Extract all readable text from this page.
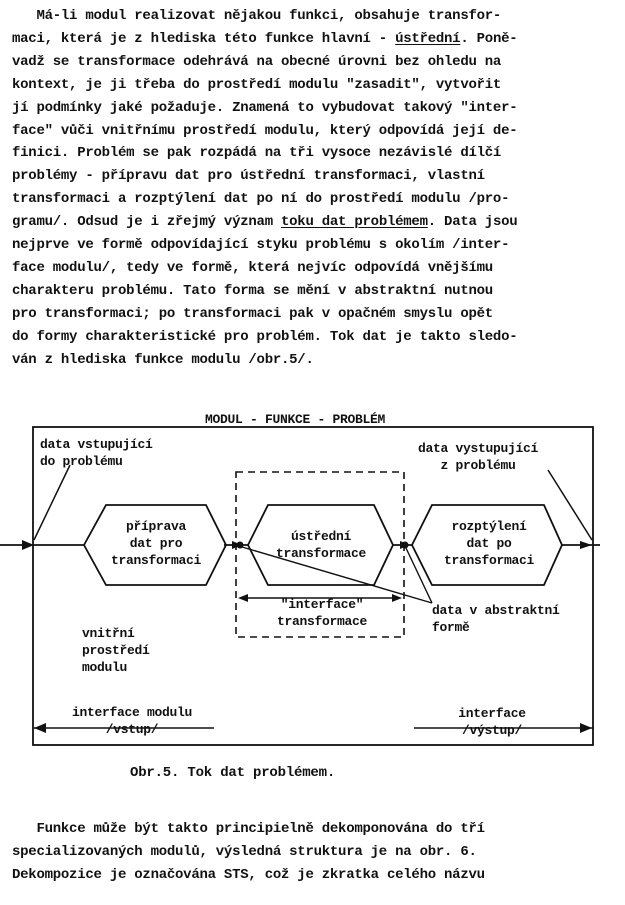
Má-li modul realizovat nějakou funkci, obsahuje transfor-
maci, která je z hlediska této funkce hlavní - ústřední. Poně-
vadž se transformace odehrává na obecné úrovni bez ohledu na
kontext, je ji třeba do prostředí modulu "zasadit", vytvořit
jí podmínky jaké požaduje. Znamená to vybudovat takový "inter-
face" vůči vnitřnímu prostředí modulu, který odpovídá její de-
finici. Problém se pak rozpádá na tři vysoce nezávislé dílčí
problémy - přípravu dat pro ústřední transformaci, vlastní
transformaci a rozptýlení dat po ní do prostředí modulu /pro-
gramu/. Odsud je i zřejmý význam toku dat problémem. Data jsou
nejprve ve formě odpovídající styku problému s okolím /inter-
face modulu/, tedy ve formě, která nejvíc odpovídá vnějšímu
charakteru problému. Tato forma se mění v abstraktní nutnou
pro transformaci; po transformaci pak v opačném smyslu opět
do formy charakteristické pro problém. Tok dat je takto sledo-
ván z hlediska funkce modulu /obr.5/.
MODUL - FUNKCE - PROBLÉM
data vstupující
do problému
data vystupující
z problému
příprava
dat pro
transformaci
ústřední
transformace
rozptýlení
dat po
transformaci
"interface"
transformace
data v abstraktní
formě
vnitřní
prostředí
modulu
interface modulu
/vstup/
interface
/výstup/
Obr.5. Tok dat problémem.
Funkce může být takto principielně dekomponována do tří
specializovaných modulů, výsledná struktura je na obr. 6.
Dekompozice je označována STS, což je zkratka celého názvu
